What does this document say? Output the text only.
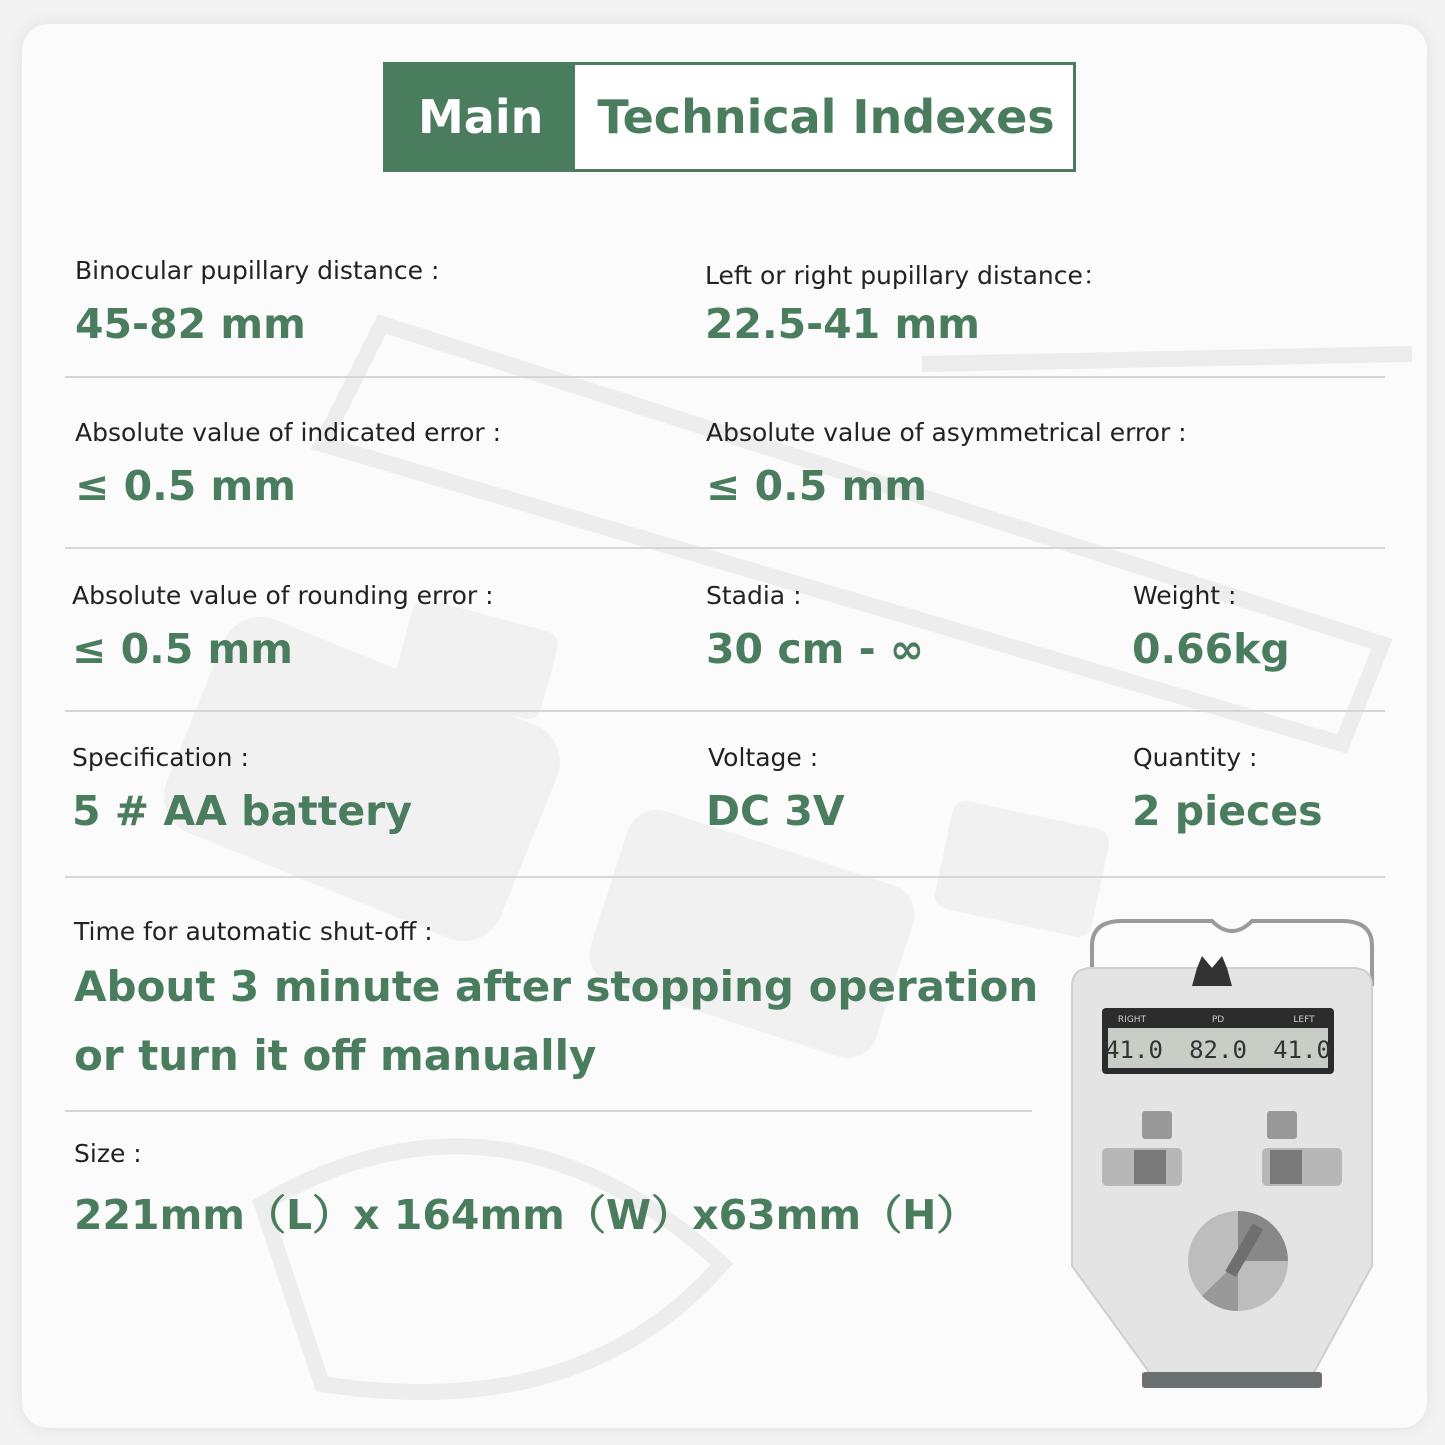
Main	Technical Indexes
Binocular pupillary distance :
45-82 mm
Left or right pupillary distance：
22.5-41 mm
Absolute value of indicated error :
≤ 0.5 mm
Absolute value of asymmetrical error :
≤ 0.5 mm
Absolute value of rounding error :
≤ 0.5 mm
Stadia :
30 cm - ∞
Weight :
0.66kg
Specification :
5 # AA battery
Voltage :
DC 3V
Quantity :
2 pieces
Time for automatic shut-off :
About 3 minute after stopping operation
or turn it off manually
Size :
221mm（L）x 164mm（W）x63mm（H）
RIGHT	PD	LEFT
41.0 82.0 41.0
